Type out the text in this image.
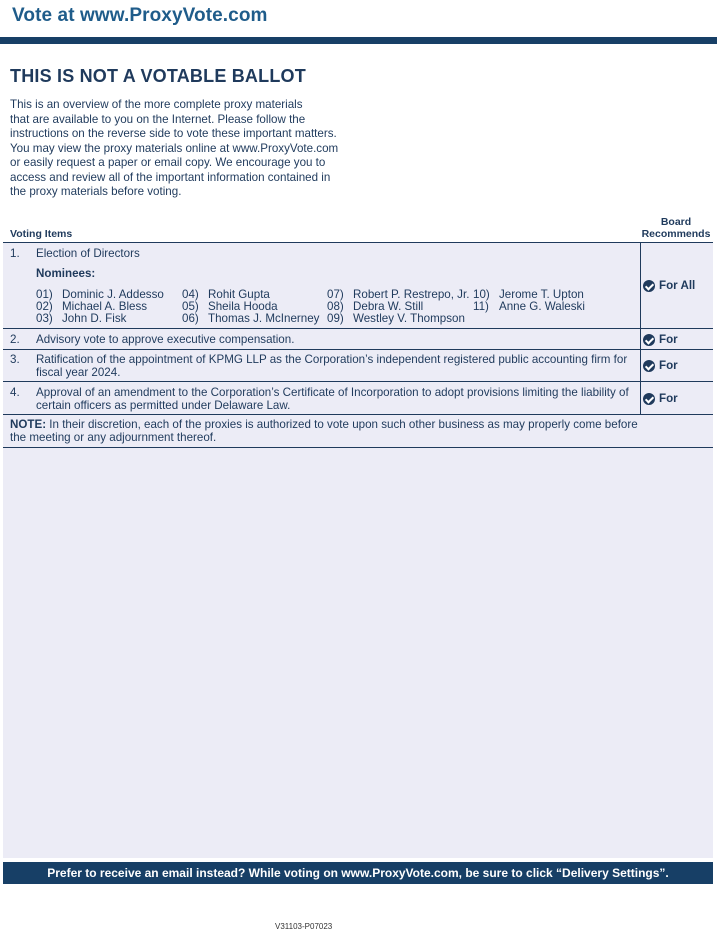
Vote at www.ProxyVote.com
THIS IS NOT A VOTABLE BALLOT
This is an overview of the more complete proxy materials
that are available to you on the Internet. Please follow the
instructions on the reverse side to vote these important matters.
You may view the proxy materials online at www.ProxyVote.com
or easily request a paper or email copy. We encourage you to
access and review all of the important information contained in
the proxy materials before voting.
Voting Items
Board
Recommends
1. Election of Directors
Nominees:
01) Dominic J. Addesso
02) Michael A. Bless
03) John D. Fisk
04) Rohit Gupta
05) Sheila Hooda
06) Thomas J. McInerney
07) Robert P. Restrepo, Jr.
08) Debra W. Still
09) Westley V. Thompson
10) Jerome T. Upton
11) Anne G. Waleski
For All
2. Advisory vote to approve executive compensation.	For
3. Ratification of the appointment of KPMG LLP as the Corporation’s independent registered public accounting firm for fiscal year 2024.	For
4. Approval of an amendment to the Corporation’s Certificate of Incorporation to adopt provisions limiting the liability of certain officers as permitted under Delaware Law.	For
NOTE: In their discretion, each of the proxies is authorized to vote upon such other business as may properly come before the meeting or any adjournment thereof.
Prefer to receive an email instead? While voting on www.ProxyVote.com, be sure to click “Delivery Settings”.
V31103-P07023
